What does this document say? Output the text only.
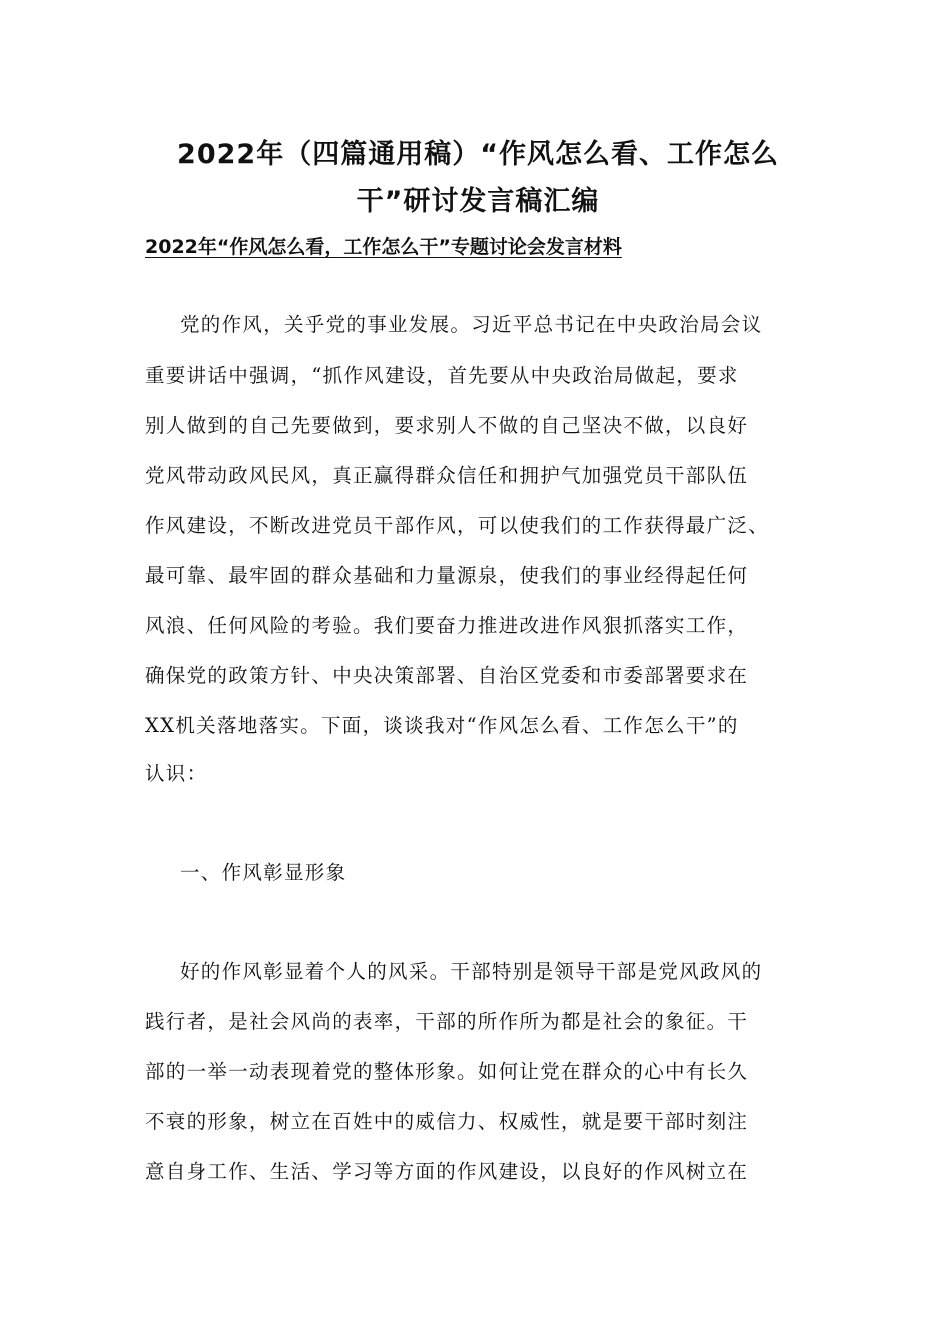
2022年（四篇通用稿）“作风怎么看、工作怎么
干”研讨发言稿汇编
2022年“作风怎么看，工作怎么干”专题讨论会发言材料

党的作风，关乎党的事业发展。习近平总书记在中央政治局会议

重要讲话中强调，“抓作风建设，首先要从中央政治局做起，要求

别人做到的自己先要做到，要求别人不做的自己坚决不做，以良好

党风带动政风民风，真正赢得群众信任和拥护气加强党员干部队伍

作风建设，不断改进党员干部作风，可以使我们的工作获得最广泛、

最可靠、最牢固的群众基础和力量源泉，使我们的事业经得起任何

风浪、任何风险的考验。我们要奋力推进改进作风狠抓落实工作，

确保党的政策方针、中央决策部署、自治区党委和市委部署要求在

XX机关落地落实。下面，谈谈我对“作风怎么看、工作怎么干”的

认识：

一、作风彰显形象

好的作风彰显着个人的风采。干部特别是领导干部是党风政风的

践行者，是社会风尚的表率，干部的所作所为都是社会的象征。干

部的一举一动表现着党的整体形象。如何让党在群众的心中有长久

不衰的形象，树立在百姓中的威信力、权威性，就是要干部时刻注

意自身工作、生活、学习等方面的作风建设，以良好的作风树立在
